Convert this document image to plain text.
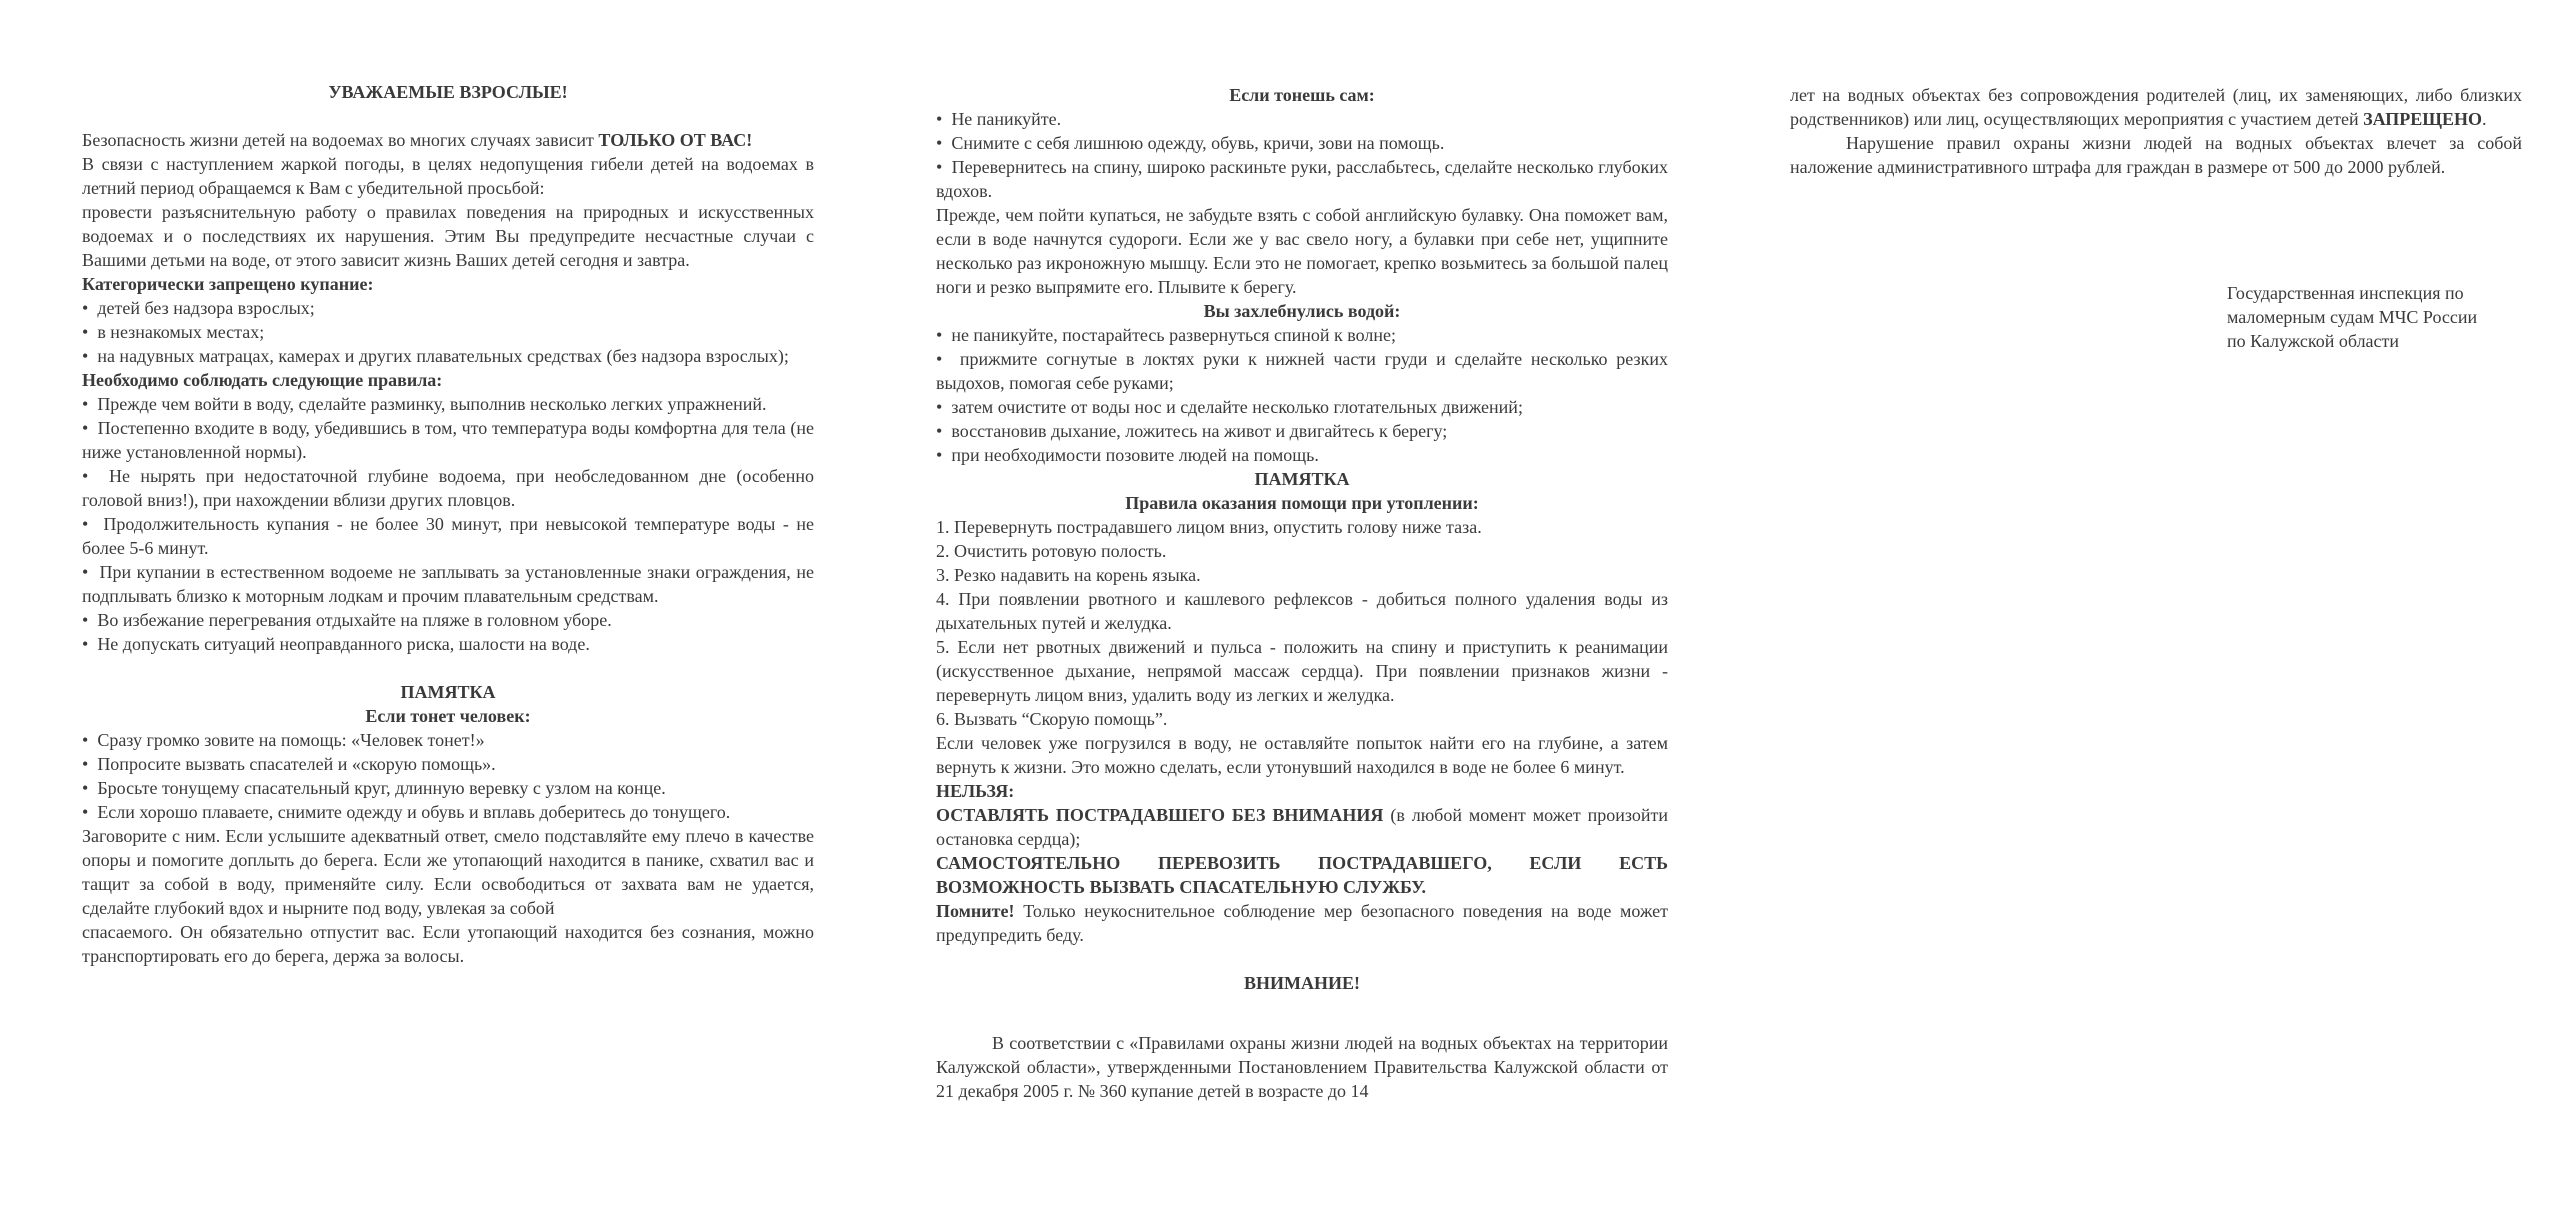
УВАЖАЕМЫЕ ВЗРОСЛЫЕ!

Безопасность жизни детей на водоемах во многих случаях зависит ТОЛЬКО ОТ ВАС!

В связи с наступлением жаркой погоды, в целях недопущения гибели детей на водоемах в летний период обращаемся к Вам с убедительной просьбой:

провести разъяснительную работу о правилах поведения на природных и искусственных водоемах и о последствиях их нарушения. Этим Вы предупредите несчастные случаи с Вашими детьми на воде, от этого зависит жизнь Ваших детей сегодня и завтра.

Категорически запрещено купание:

•  детей без надзора взрослых;

•  в незнакомых местах;

•  на надувных матрацах, камерах и других плавательных средствах (без надзора взрослых);

Необходимо соблюдать следующие правила:

•  Прежде чем войти в воду, сделайте разминку, выполнив несколько легких упражнений.

•  Постепенно входите в воду, убедившись в том, что температура воды комфортна для тела (не ниже установленной нормы).

•  Не нырять при недостаточной глубине водоема, при необследованном дне (особенно головой вниз!), при нахождении вблизи других пловцов.

•  Продолжительность купания - не более 30 минут, при невысокой температуре воды - не более 5-6 минут.

•  При купании в естественном водоеме не заплывать за установленные знаки ограждения, не подплывать близко к моторным лодкам и прочим плавательным средствам.

•  Во избежание перегревания отдыхайте на пляже в головном уборе.

•  Не допускать ситуаций неоправданного риска, шалости на воде.

ПАМЯТКА

Если тонет человек:

•  Сразу громко зовите на помощь: «Человек тонет!»

•  Попросите вызвать спасателей и «скорую помощь».

•  Бросьте тонущему спасательный круг, длинную веревку с узлом на конце.

•  Если хорошо плаваете, снимите одежду и обувь и вплавь доберитесь до тонущего.

Заговорите с ним. Если услышите адекватный ответ, смело подставляйте ему плечо в качестве опоры и помогите доплыть до берега. Если же утопающий находится в панике, схватил вас и тащит за собой в воду, применяйте силу. Если освободиться от захвата вам не удается, сделайте глубокий вдох и нырните под воду, увлекая за собой

спасаемого. Он обязательно отпустит вас. Если утопающий находится без сознания, можно транспортировать его до берега, держа за волосы.

Если тонешь сам:

•  Не паникуйте.

•  Снимите с себя лишнюю одежду, обувь, кричи, зови на помощь.

•  Перевернитесь на спину, широко раскиньте руки, расслабьтесь, сделайте несколько глубоких вдохов.

Прежде, чем пойти купаться, не забудьте взять с собой английскую булавку. Она поможет вам, если в воде начнутся судороги. Если же у вас свело ногу, а булавки при себе нет, ущипните несколько раз икроножную мышцу. Если это не помогает, крепко возьмитесь за большой палец ноги и резко выпрямите его. Плывите к берегу.

Вы захлебнулись водой:

•  не паникуйте, постарайтесь развернуться спиной к волне;

•  прижмите согнутые в локтях руки к нижней части груди и сделайте несколько резких выдохов, помогая себе руками;

•  затем очистите от воды нос и сделайте несколько глотательных движений;

•  восстановив дыхание, ложитесь на живот и двигайтесь к берегу;

•  при необходимости позовите людей на помощь.

ПАМЯТКА

Правила оказания помощи при утоплении:

1. Перевернуть пострадавшего лицом вниз, опустить голову ниже таза.

2. Очистить ротовую полость.

3. Резко надавить на корень языка.

4. При появлении рвотного и кашлевого рефлексов - добиться полного удаления воды из дыхательных путей и желудка.

5. Если нет рвотных движений и пульса - положить на спину и приступить к реанимации (искусственное дыхание, непрямой массаж сердца). При появлении признаков жизни - перевернуть лицом вниз, удалить воду из легких и желудка.

6. Вызвать “Скорую помощь”.

Если человек уже погрузился в воду, не оставляйте попыток найти его на глубине, а затем вернуть к жизни. Это можно сделать, если утонувший находился в воде не более 6 минут.

НЕЛЬЗЯ:

ОСТАВЛЯТЬ ПОСТРАДАВШЕГО БЕЗ ВНИМАНИЯ (в любой момент может произойти остановка сердца);

САМОСТОЯТЕЛЬНО ПЕРЕВОЗИТЬ ПОСТРАДАВШЕГО, ЕСЛИ ЕСТЬ ВОЗМОЖНОСТЬ ВЫЗВАТЬ СПАСАТЕЛЬНУЮ СЛУЖБУ.

Помните! Только неукоснительное соблюдение мер безопасного поведения на воде может предупредить беду.

ВНИМАНИЕ!

В соответствии с «Правилами охраны жизни людей на водных объектах на территории Калужской области», утвержденными Постановлением Правительства Калужской области от 21 декабря 2005 г. № 360 купание детей в возрасте до 14

лет на водных объектах без сопровождения родителей (лиц, их заменяющих, либо близких родственников) или лиц, осуществляющих мероприятия с участием детей ЗАПРЕЩЕНО.

Нарушение правил охраны жизни людей на водных объектах влечет за собой наложение административного штрафа для граждан в размере от 500 до 2000 рублей.

Государственная инспекция по
маломерным судам МЧС России
по Калужской области
